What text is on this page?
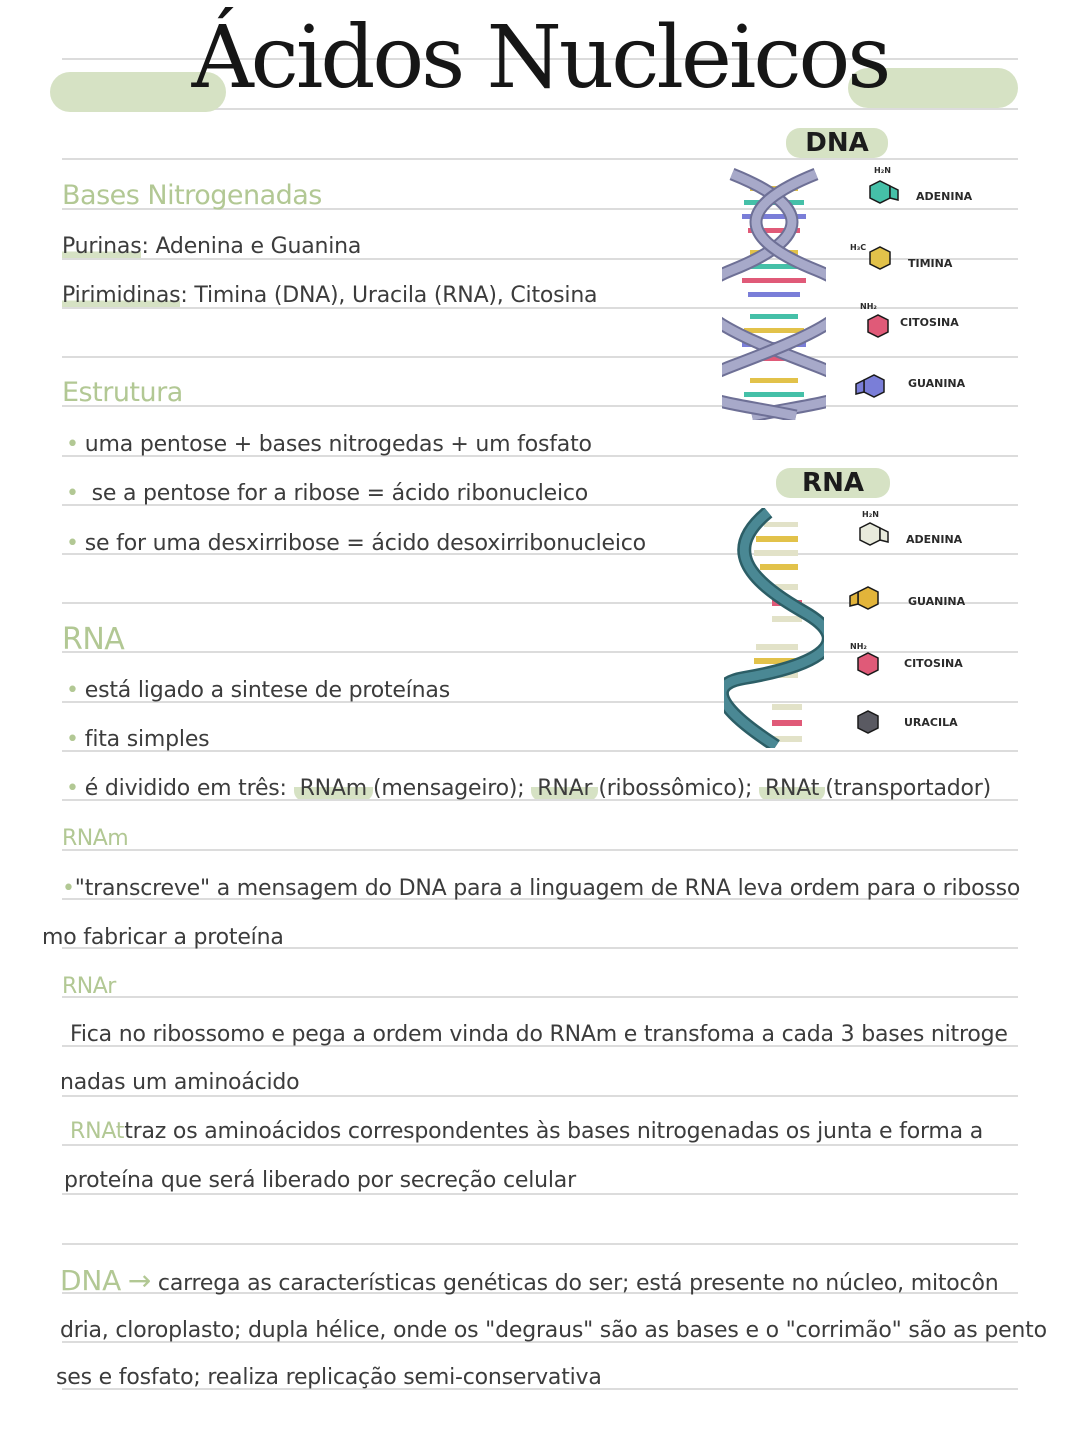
Ácidos Nucleicos
Bases Nitrogenadas
Purinas: Adenina e Guanina
Pirimidinas: Timina (DNA), Uracila (RNA), Citosina
Estrutura
• uma pentose + bases nitrogedas + um fosfato
• se a pentose for a ribose = ácido ribonucleico
• se for uma desxirribose = ácido desoxirribonucleico
RNA
• está ligado a sintese de proteínas
• fita simples
• é dividido em três: RNAm (mensageiro); RNAr (ribossômico); RNAt (transportador)
RNAm
•"transcreve" a mensagem do DNA para a linguagem de RNA leva ordem para o ribosso
mo fabricar a proteína
RNAr
Fica no ribossomo e pega a ordem vinda do RNAm e transfoma a cada 3 bases nitroge
nadas um aminoácido
RNAttraz os aminoácidos correspondentes às bases nitrogenadas os junta e forma a
proteína que será liberado por secreção celular
DNA → carrega as características genéticas do ser; está presente no núcleo, mitocôn
dria, cloroplasto; dupla hélice, onde os "degraus" são as bases e o "corrimão" são as pento
ses e fosfato; realiza replicação semi-conservativa
DNA
H₂N
ADENINA
H₃C
TIMINA
NH₂
CITOSINA
GUANINA
RNA
H₂N
ADENINA
GUANINA
NH₂
CITOSINA
URACILA
